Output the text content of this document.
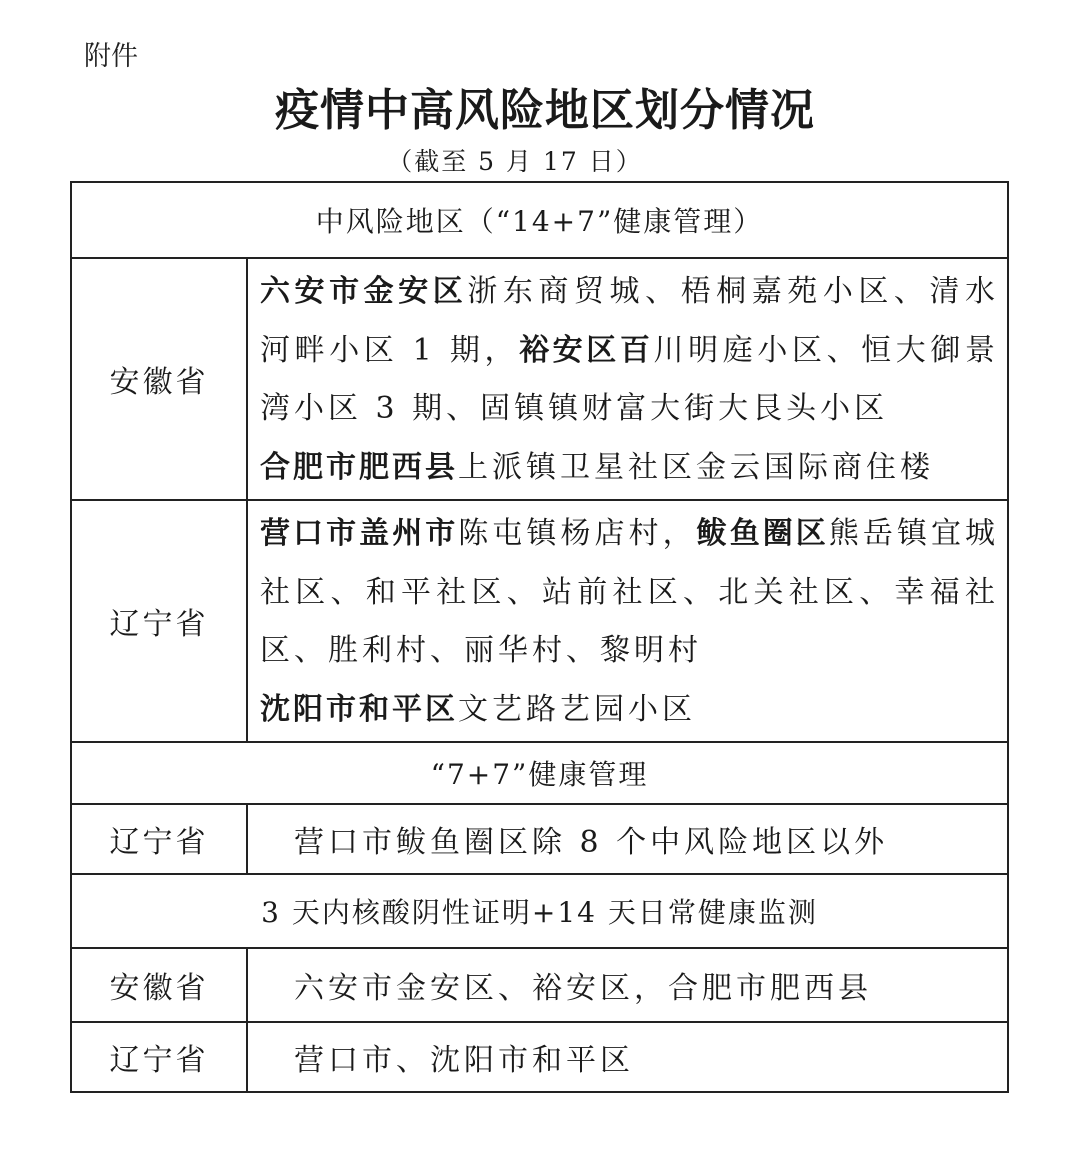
附件
疫情中高风险地区划分情况
（截至 5 月 17 日）
中风险地区（“14+7”健康管理）	
安徽省	六安市金安区浙东商贸城、梧桐嘉苑小区、清水河畔小区 1 期，裕安区百川明庭小区、恒大御景湾小区 3 期、固镇镇财富大街大艮头小区
合肥市肥西县上派镇卫星社区金云国际商住楼

辽宁省	营口市盖州市陈屯镇杨店村，鲅鱼圈区熊岳镇宜城社区、和平社区、站前社区、北关社区、幸福社区、胜利村、丽华村、黎明村
沈阳市和平区文艺路艺园小区

“7+7”健康管理	
辽宁省	营口市鲅鱼圈区除 8 个中风险地区以外
3 天内核酸阴性证明+14 天日常健康监测	
安徽省	六安市金安区、裕安区，合肥市肥西县
辽宁省	营口市、沈阳市和平区
